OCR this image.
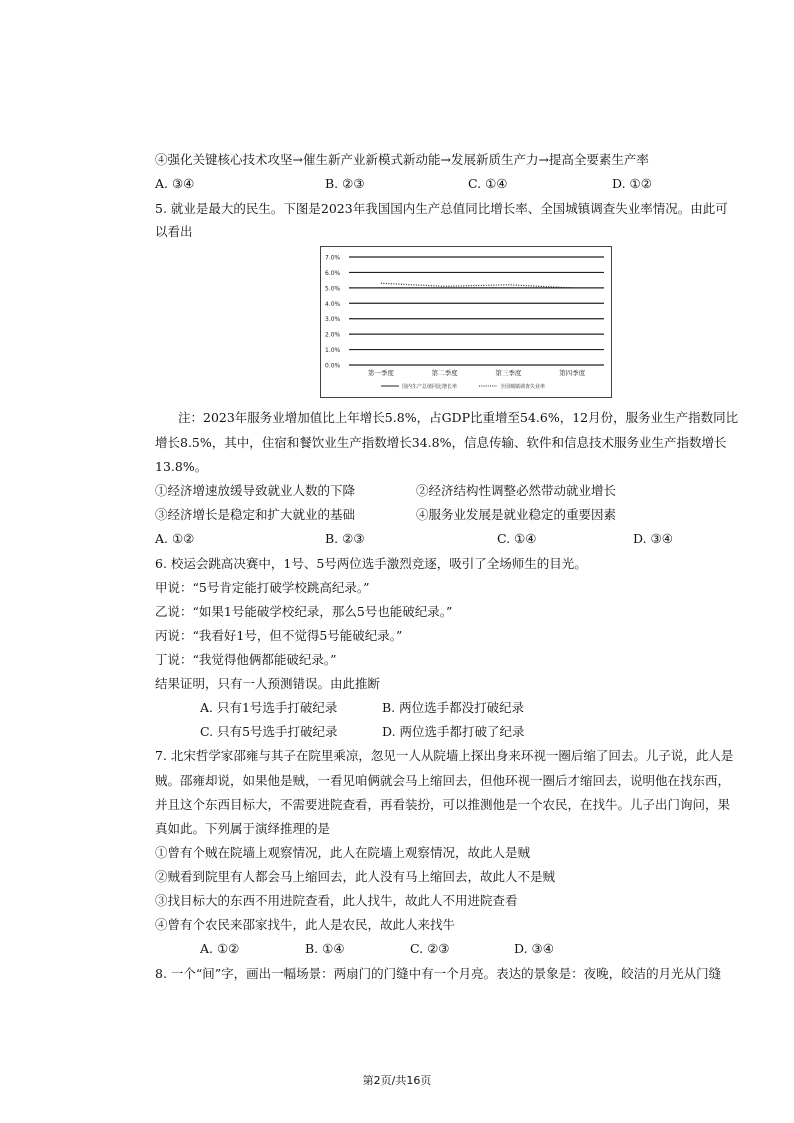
④强化关键核心技术攻坚→催生新产业新模式新动能→发展新质生产力→提高全要素生产率
A. ③④	B. ②③	C. ①④	D. ①②
5. 就业是最大的民生。下图是2023年我国国内生产总值同比增长率、全国城镇调查失业率情况。由此可
以看出
7.0%
6.0%
5.0%
4.0%
3.0%
2.0%
1.0%
0.0%
第一季度	第二季度	第三季度	第四季度
国内生产总值同比增长率	全国城镇调查失业率
注：2023年服务业增加值比上年增长5.8%，占GDP比重增至54.6%，12月份，服务业生产指数同比
增长8.5%，其中，住宿和餐饮业生产指数增长34.8%，信息传输、软件和信息技术服务业生产指数增长
13.8%。
①经济增速放缓导致就业人数的下降	②经济结构性调整必然带动就业增长
③经济增长是稳定和扩大就业的基础	④服务业发展是就业稳定的重要因素
A. ①②	B. ②③	C. ①④	D. ③④
6. 校运会跳高决赛中，1号、5号两位选手激烈竞逐，吸引了全场师生的目光。
甲说：“5号肯定能打破学校跳高纪录。”
乙说：“如果1号能破学校纪录，那么5号也能破纪录。”
丙说：“我看好1号，但不觉得5号能破纪录。”
丁说：“我觉得他俩都能破纪录。”
结果证明，只有一人预测错误。由此推断
A. 只有1号选手打破纪录	B. 两位选手都没打破纪录
C. 只有5号选手打破纪录	D. 两位选手都打破了纪录
7. 北宋哲学家邵雍与其子在院里乘凉，忽见一人从院墙上探出身来环视一圈后缩了回去。儿子说，此人是
贼。邵雍却说，如果他是贼，一看见咱俩就会马上缩回去，但他环视一圈后才缩回去，说明他在找东西，
并且这个东西目标大，不需要进院查看，再看装扮，可以推测他是一个农民，在找牛。儿子出门询问，果
真如此。下列属于演绎推理的是
①曾有个贼在院墙上观察情况，此人在院墙上观察情况，故此人是贼
②贼看到院里有人都会马上缩回去，此人没有马上缩回去，故此人不是贼
③找目标大的东西不用进院查看，此人找牛，故此人不用进院查看
④曾有个农民来邵家找牛，此人是农民，故此人来找牛
A. ①②	B. ①④	C. ②③	D. ③④
8. 一个“间”字，画出一幅场景：两扇门的门缝中有一个月亮。表达的景象是：夜晚，皎洁的月光从门缝
第2页/共16页
